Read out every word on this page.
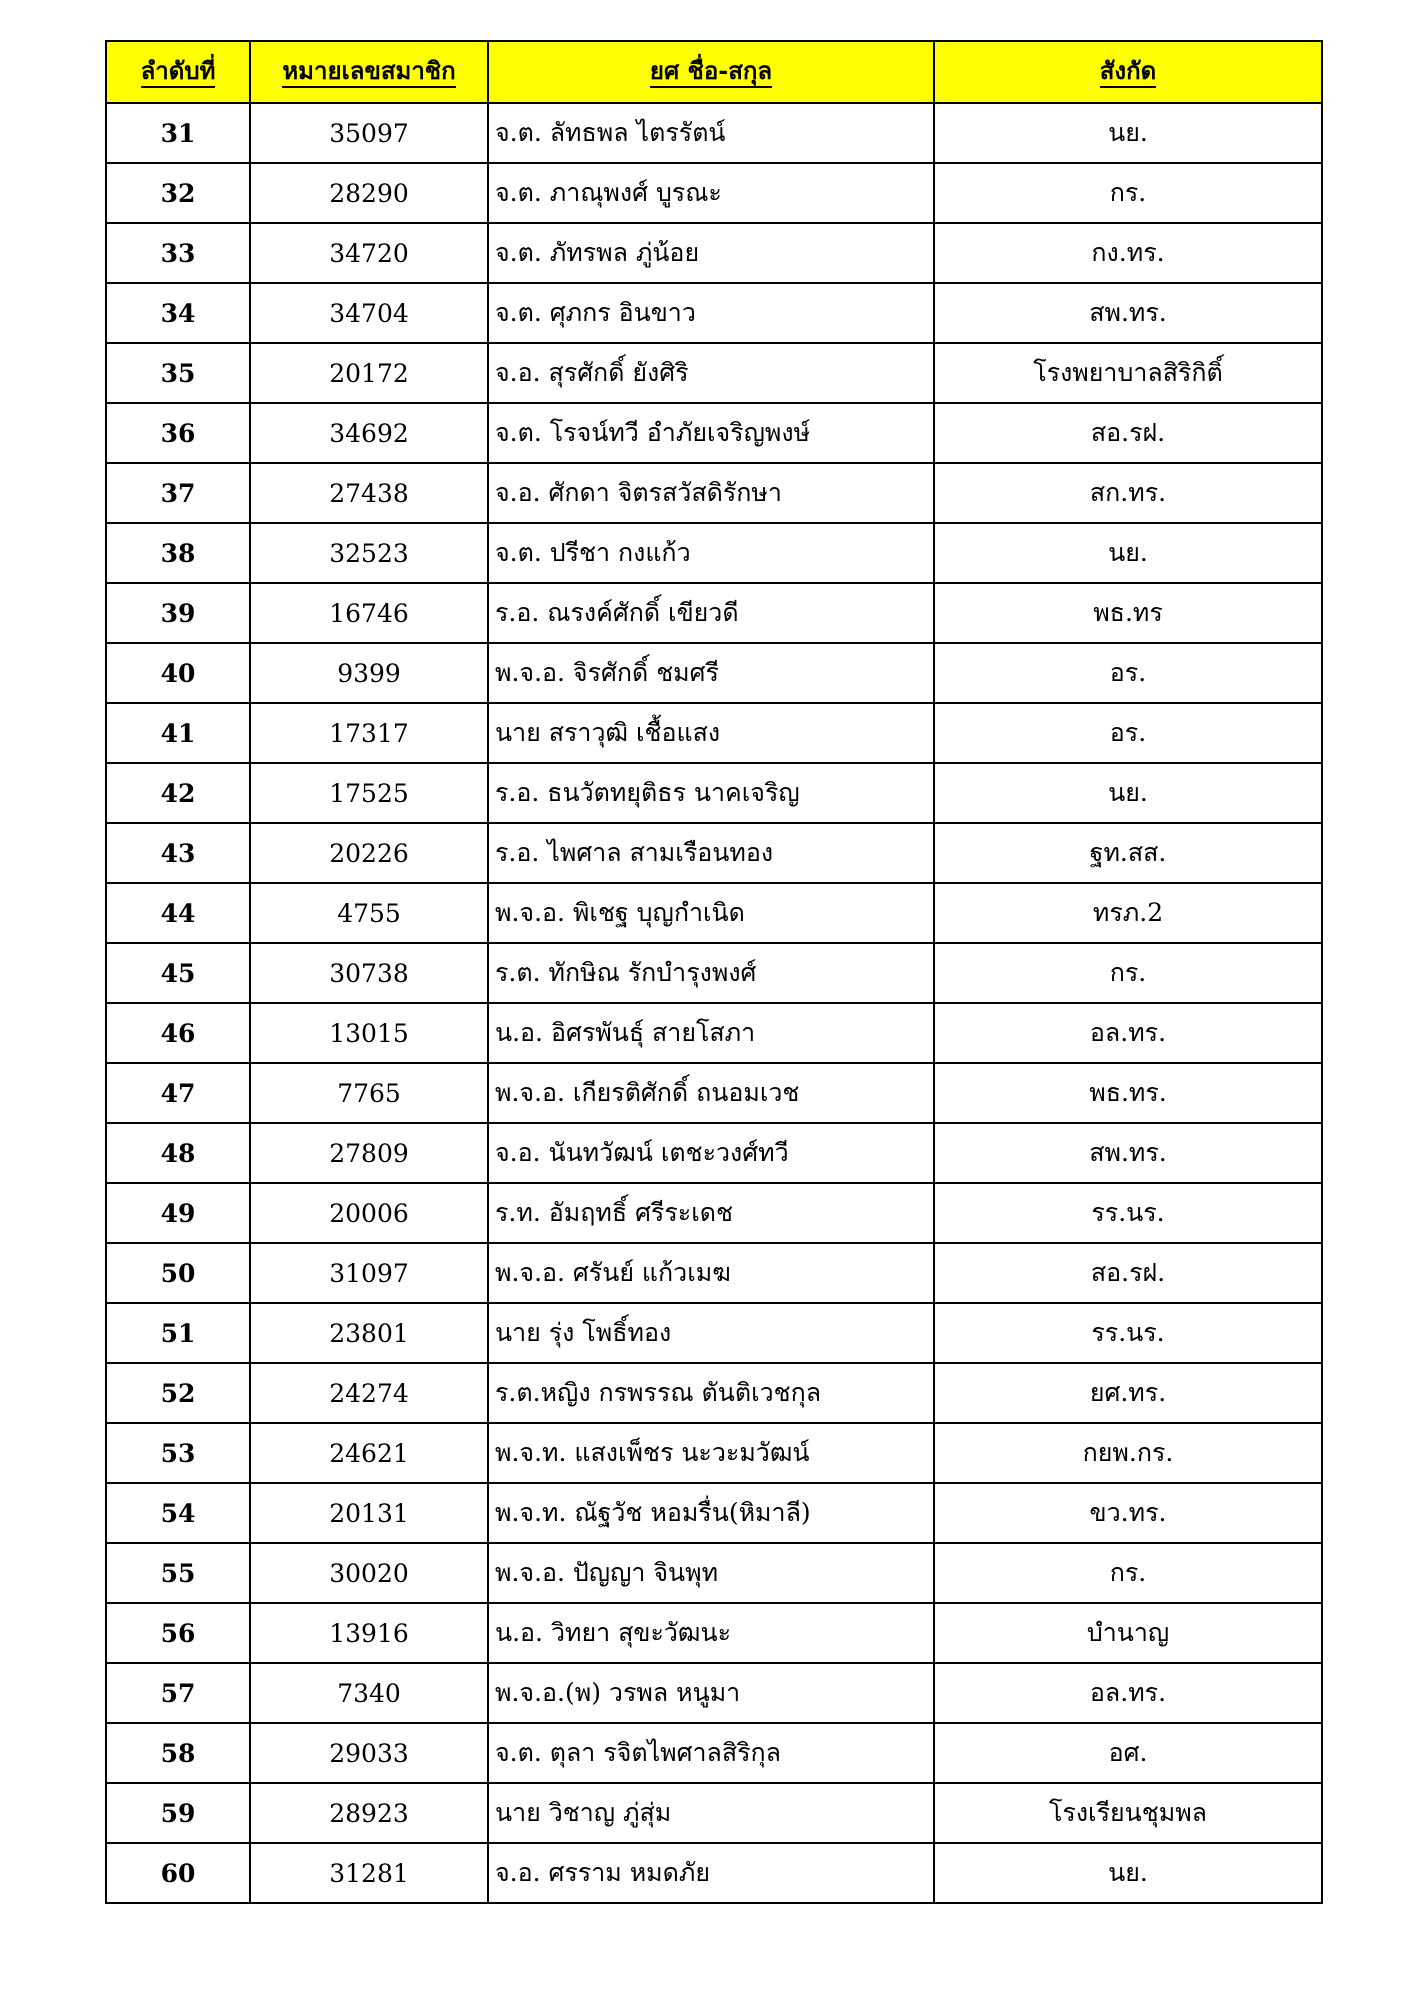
ลำดับที่	หมายเลขสมาชิก	ยศ ชื่อ-สกุล	สังกัด
31	35097	จ.ต. ลัทธพล ไตรรัตน์	นย.
32	28290	จ.ต. ภาณุพงศ์ บูรณะ	กร.
33	34720	จ.ต. ภัทรพล ภู่น้อย	กง.ทร.
34	34704	จ.ต. ศุภกร อินขาว	สพ.ทร.
35	20172	จ.อ. สุรศักดิ์ ยังศิริ	โรงพยาบาลสิริกิติ์
36	34692	จ.ต. โรจน์ทวี อำภัยเจริญพงษ์	สอ.รฝ.
37	27438	จ.อ. ศักดา จิตรสวัสดิรักษา	สก.ทร.
38	32523	จ.ต. ปรีชา กงแก้ว	นย.
39	16746	ร.อ. ณรงค์ศักดิ์ เขียวดี	พธ.ทร
40	9399	พ.จ.อ. จิรศักดิ์ ชมศรี	อร.
41	17317	นาย สราวุฒิ เชื้อแสง	อร.
42	17525	ร.อ. ธนวัตทยุติธร นาคเจริญ	นย.
43	20226	ร.อ. ไพศาล สามเรือนทอง	ฐท.สส.
44	4755	พ.จ.อ. พิเชฐ บุญกำเนิด	ทรภ.2
45	30738	ร.ต. ทักษิณ รักบำรุงพงศ์	กร.
46	13015	น.อ. อิศรพันธุ์ สายโสภา	อล.ทร.
47	7765	พ.จ.อ. เกียรติศักดิ์ ถนอมเวช	พธ.ทร.
48	27809	จ.อ. นันทวัฒน์ เตชะวงศ์ทวี	สพ.ทร.
49	20006	ร.ท. อัมฤทธิ์ ศรีระเดช	รร.นร.
50	31097	พ.จ.อ. ศรันย์ แก้วเมฆ	สอ.รฝ.
51	23801	นาย รุ่ง โพธิ์ทอง	รร.นร.
52	24274	ร.ต.หญิง กรพรรณ ตันติเวชกุล	ยศ.ทร.
53	24621	พ.จ.ท. แสงเพ็ชร นะวะมวัฒน์	กยพ.กร.
54	20131	พ.จ.ท. ณัฐวัช หอมรื่น(หิมาลี)	ขว.ทร.
55	30020	พ.จ.อ. ปัญญา จินพุท	กร.
56	13916	น.อ. วิทยา สุขะวัฒนะ	บำนาญ
57	7340	พ.จ.อ.(พ) วรพล หนูมา	อล.ทร.
58	29033	จ.ต. ตุลา รจิตไพศาลสิริกุล	อศ.
59	28923	นาย วิชาญ ภู่สุ่ม	โรงเรียนชุมพล
60	31281	จ.อ. ศรราม หมดภัย	นย.
